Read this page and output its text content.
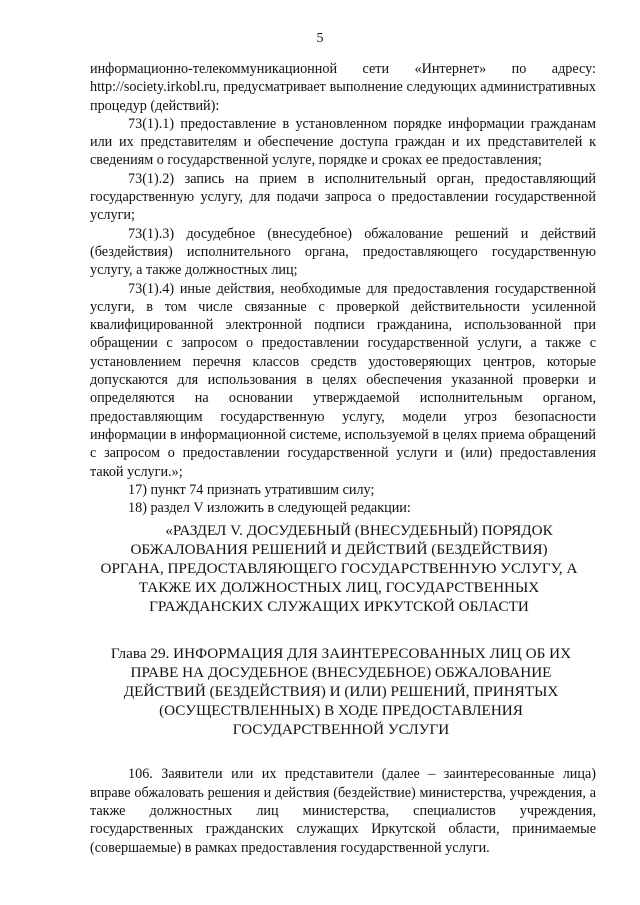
5

информационно-телекоммуникационной сети «Интернет» по адресу: http://society.irkobl.ru, предусматривает выполнение следующих административных процедур (действий):

73(1).1) предоставление в установленном порядке информации гражданам или их представителям и обеспечение доступа граждан и их представителей к сведениям о государственной услуге, порядке и сроках ее предоставления;

73(1).2) запись на прием в исполнительный орган, предоставляющий государственную услугу, для подачи запроса о предоставлении государственной услуги;

73(1).3) досудебное (внесудебное) обжалование решений и действий (бездействия) исполнительного органа, предоставляющего государственную услугу, а также должностных лиц;

73(1).4) иные действия, необходимые для предоставления государственной услуги, в том числе связанные с проверкой действительности усиленной квалифицированной электронной подписи гражданина, использованной при обращении с запросом о предоставлении государственной услуги, а также с установлением перечня классов средств удостоверяющих центров, которые допускаются для использования в целях обеспечения указанной проверки и определяются на основании утверждаемой исполнительным органом, предоставляющим государственную услугу, модели угроз безопасности информации в информационной системе, используемой в целях приема обращений с запросом о предоставлении государственной услуги и (или) предоставления такой услуги.»;

17) пункт 74 признать утратившим силу;

18) раздел V изложить в следующей редакции:

«РАЗДЕЛ V. ДОСУДЕБНЫЙ (ВНЕСУДЕБНЫЙ) ПОРЯДОК
ОБЖАЛОВАНИЯ РЕШЕНИЙ И ДЕЙСТВИЙ (БЕЗДЕЙСТВИЯ)
ОРГАНА, ПРЕДОСТАВЛЯЮЩЕГО ГОСУДАРСТВЕННУЮ УСЛУГУ, А
ТАКЖЕ ИХ ДОЛЖНОСТНЫХ ЛИЦ, ГОСУДАРСТВЕННЫХ
ГРАЖДАНСКИХ СЛУЖАЩИХ ИРКУТСКОЙ ОБЛАСТИ
Глава 29. ИНФОРМАЦИЯ ДЛЯ ЗАИНТЕРЕСОВАННЫХ ЛИЦ ОБ ИХ
ПРАВЕ НА ДОСУДЕБНОЕ (ВНЕСУДЕБНОЕ) ОБЖАЛОВАНИЕ
ДЕЙСТВИЙ (БЕЗДЕЙСТВИЯ) И (ИЛИ) РЕШЕНИЙ, ПРИНЯТЫХ
(ОСУЩЕСТВЛЕННЫХ) В ХОДЕ ПРЕДОСТАВЛЕНИЯ
ГОСУДАРСТВЕННОЙ УСЛУГИ

106. Заявители или их представители (далее – заинтересованные лица) вправе обжаловать решения и действия (бездействие) министерства, учреждения, а также должностных лиц министерства, специалистов учреждения, государственных гражданских служащих Иркутской области, принимаемые (совершаемые) в рамках предоставления государственной услуги.
